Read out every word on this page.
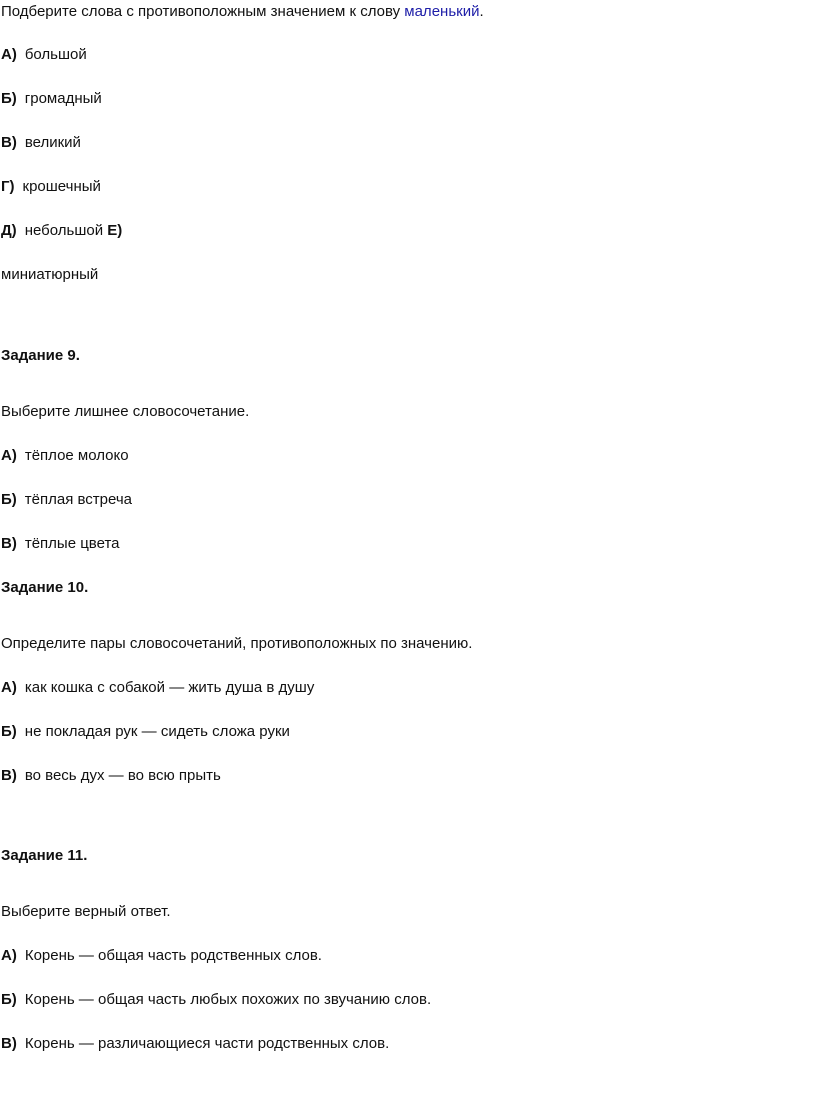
Подберите слова с противоположным значением к слову маленький.
А) большой
Б) громадный
В) великий
Г) крошечный
Д) небольшой Е)
миниатюрный
Задание 9.
Выберите лишнее словосочетание.
А) тёплое молоко
Б) тёплая встреча
В) тёплые цвета
Задание 10.
Определите пары словосочетаний, противоположных по значению.
А) как кошка с собакой — жить душа в душу
Б) не покладая рук — сидеть сложа руки
В) во весь дух — во всю прыть
Задание 11.
Выберите верный ответ.
А) Корень — общая часть родственных слов.
Б) Корень — общая часть любых похожих по звучанию слов.
В) Корень — различающиеся части родственных слов.
